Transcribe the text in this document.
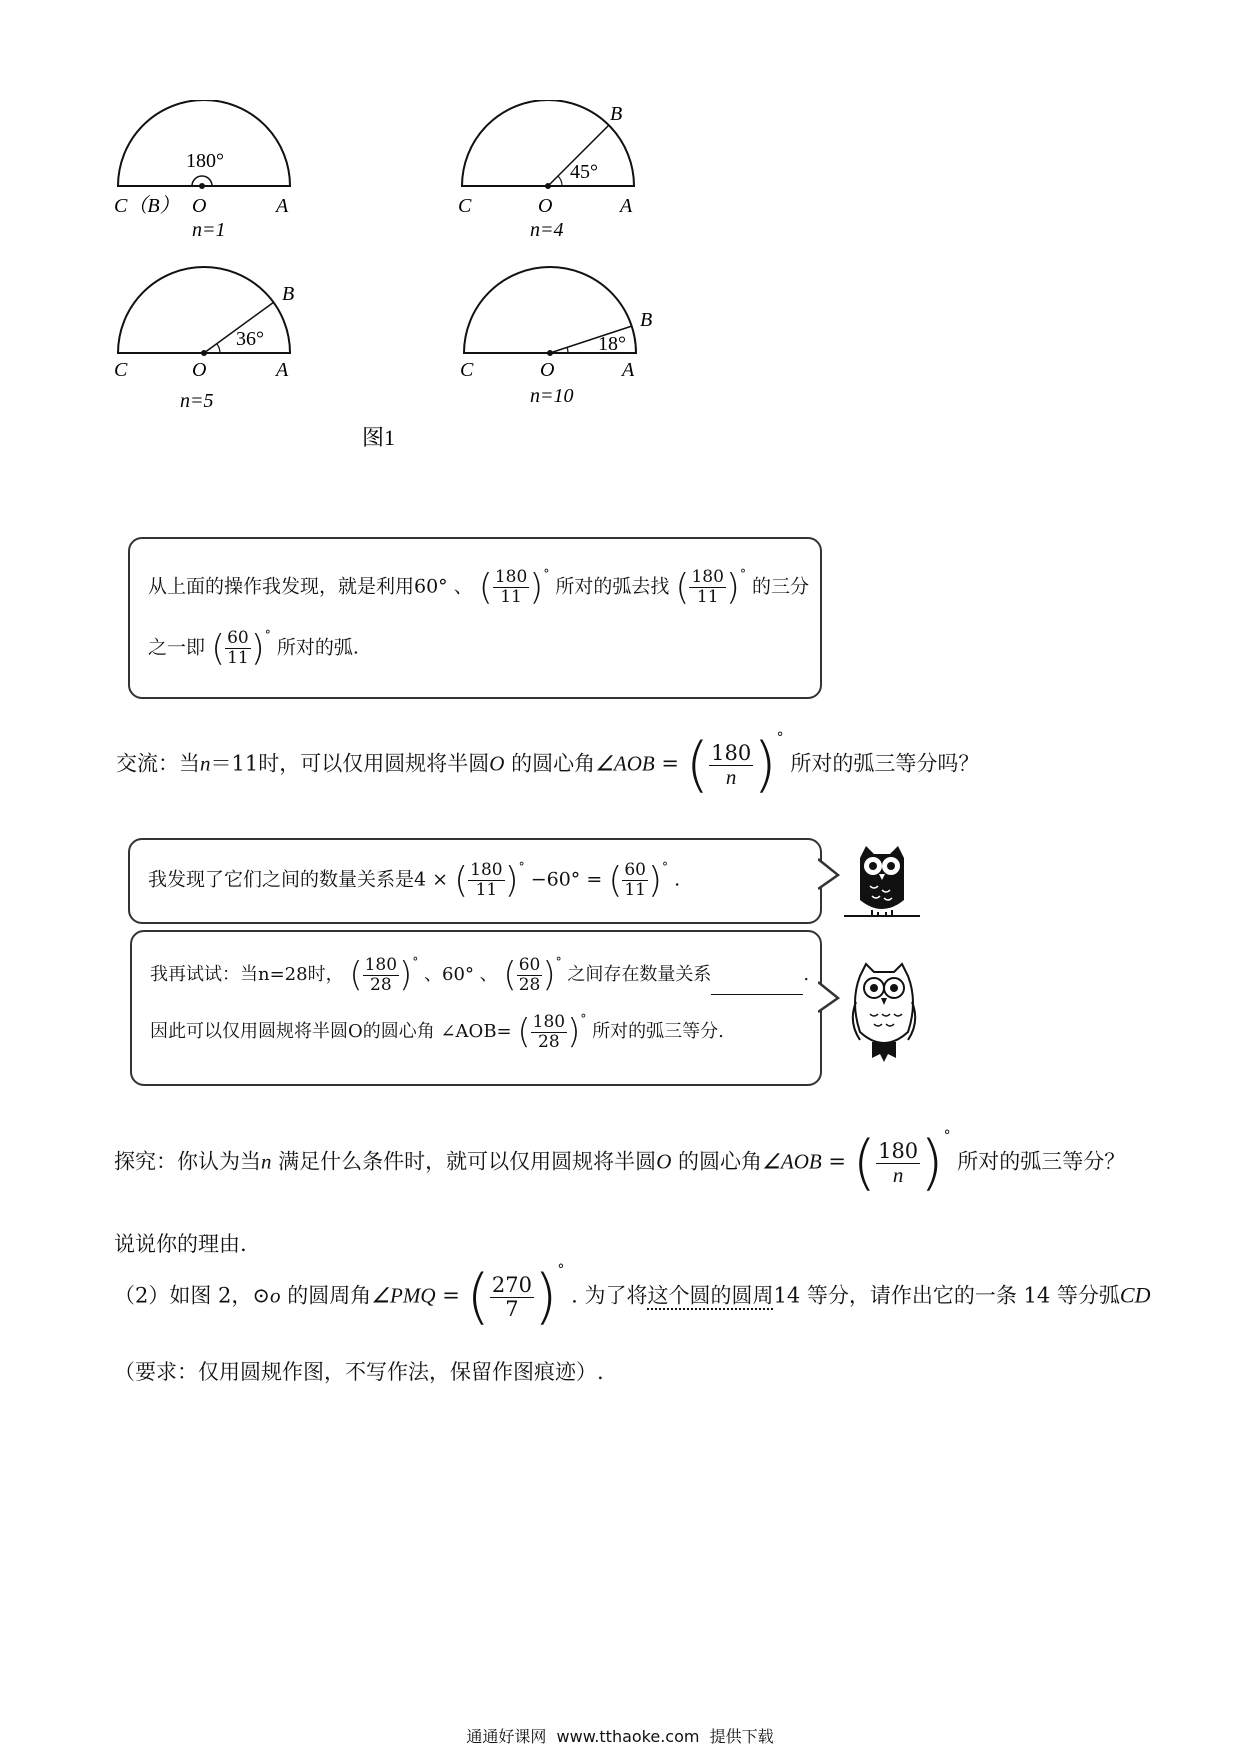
180°
C（B） O	A
n=1
45°
B
C	O	A
n=4
36°
B
C	O	A
n=5
18°
B
C	O	A
n=10
图1
从上面的操作我发现，就是利用60° 、 ( $\frac{180}{11} )^\circ$
所对的弧去找 ( $\frac{180}{11} )^\circ$
的三分
之一即 ( $\frac{60}{11} )^\circ$
所对的弧.
交流：当n＝11时，可以仅用圆规将半圆O 的圆心角∠AOB = ( $\frac{180}{n} )^\circ$
所对的弧三等分吗？
我发现了它们之间的数量关系是4 × ( $\frac{180}{11} )^\circ$
−60° = ( $\frac{60}{11} )^\circ$
.
我再试试：当n=28时， ( $\frac{180}{28} )^\circ$
、60° 、 ( $\frac{60}{28} )^\circ$
之间存在数量关系	.
因此可以仅用圆规将半圆O的圆心角 ∠AOB= ( $\frac{180}{28} )^\circ$
所对的弧三等分.
探究：你认为当n 满足什么条件时，就可以仅用圆规将半圆O 的圆心角∠AOB = ( $\frac{180}{n} )^\circ$
所对的弧三等分？
说说你的理由.
（2）如图 2，⊙o 的圆周角∠PMQ = ( $\frac{270}{7} )^\circ$
. 为了将这个圆的圆周14 等分，请作出它的一条 14 等分弧CD
（要求：仅用圆规作图，不写作法，保留作图痕迹）.
通通好课网  www.tthaoke.com  提供下载
